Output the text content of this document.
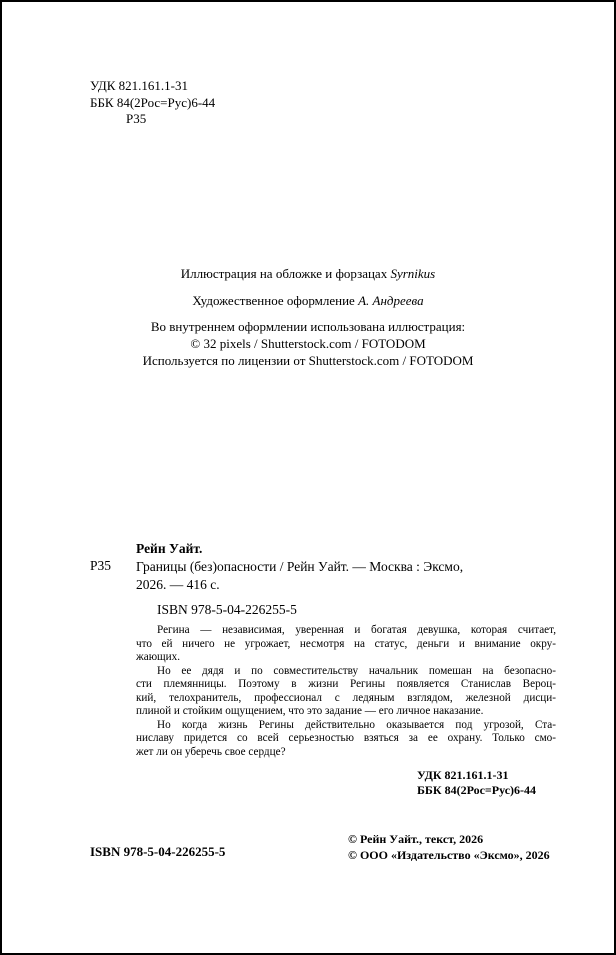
УДК 821.161.1-31
ББК 84(2Рос=Рус)6-44
Р35
Иллюстрация на обложке и форзацах Syrnikus
Художественное оформление А. Андреева
Во внутреннем оформлении использована иллюстрация:
© 32 pixels / Shutterstock.com / FOTODOM
Используется по лицензии от Shutterstock.com / FOTODOM
Рейн Уайт.
Р35 Границы (без)опасности / Рейн Уайт. — Москва : Эксмо,
2026. — 416 с.
ISBN 978-5-04-226255-5
Регина — независимая, уверенная и богатая девушка, которая считает,
что ей ничего не угрожает, несмотря на статус, деньги и внимание окру-
жающих.
Но ее дядя и по совместительству начальник помешан на безопасно-
сти племянницы. Поэтому в жизни Регины появляется Станислав Вероц-
кий, телохранитель, профессионал с ледяным взглядом, железной дисци-
плиной и стойким ощущением, что это задание — его личное наказание.
Но когда жизнь Регины действительно оказывается под угрозой, Ста-
ниславу придется со всей серьезностью взяться за ее охрану. Только смо-
жет ли он уберечь свое сердце?
УДК 821.161.1-31
ББК 84(2Рос=Рус)6-44
ISBN 978-5-04-226255-5
© Рейн Уайт., текст, 2026
© ООО «Издательство «Эксмо», 2026
